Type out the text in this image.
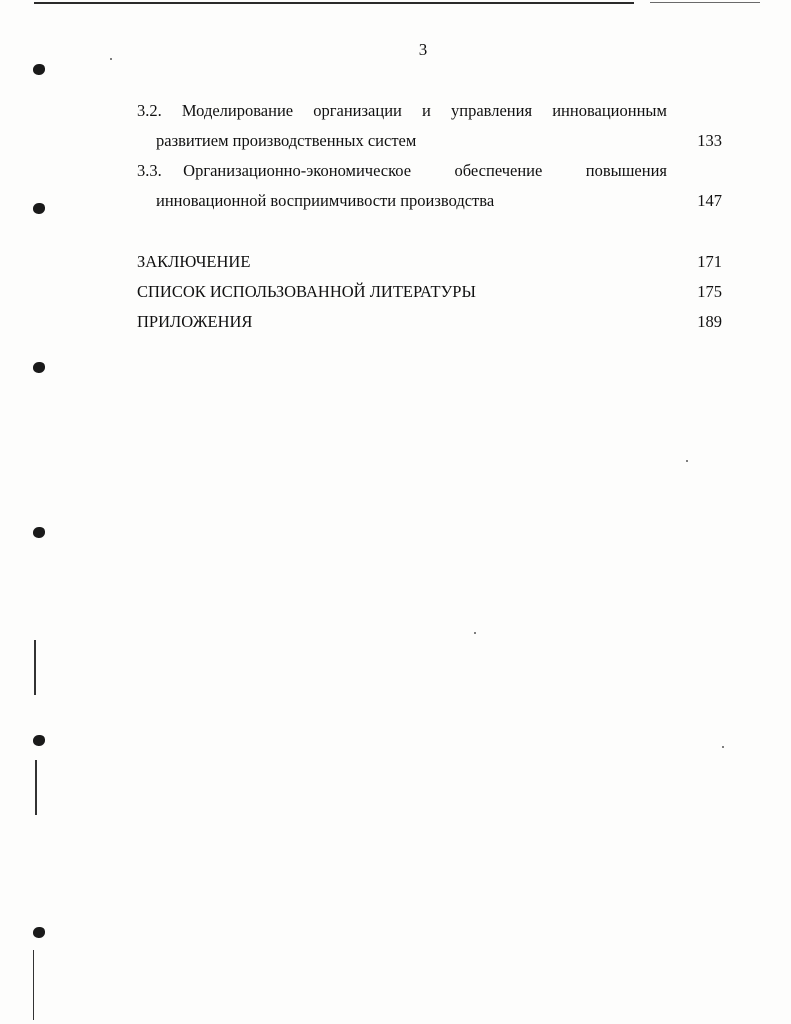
3
3.2. Моделирование организации и управления инновационным
развитием производственных систем	133
3.3. Организационно-экономическое	обеспечение	повышения
инновационной восприимчивости производства	147
ЗАКЛЮЧЕНИЕ	171
СПИСОК ИСПОЛЬЗОВАННОЙ ЛИТЕРАТУРЫ	175
ПРИЛОЖЕНИЯ	189
